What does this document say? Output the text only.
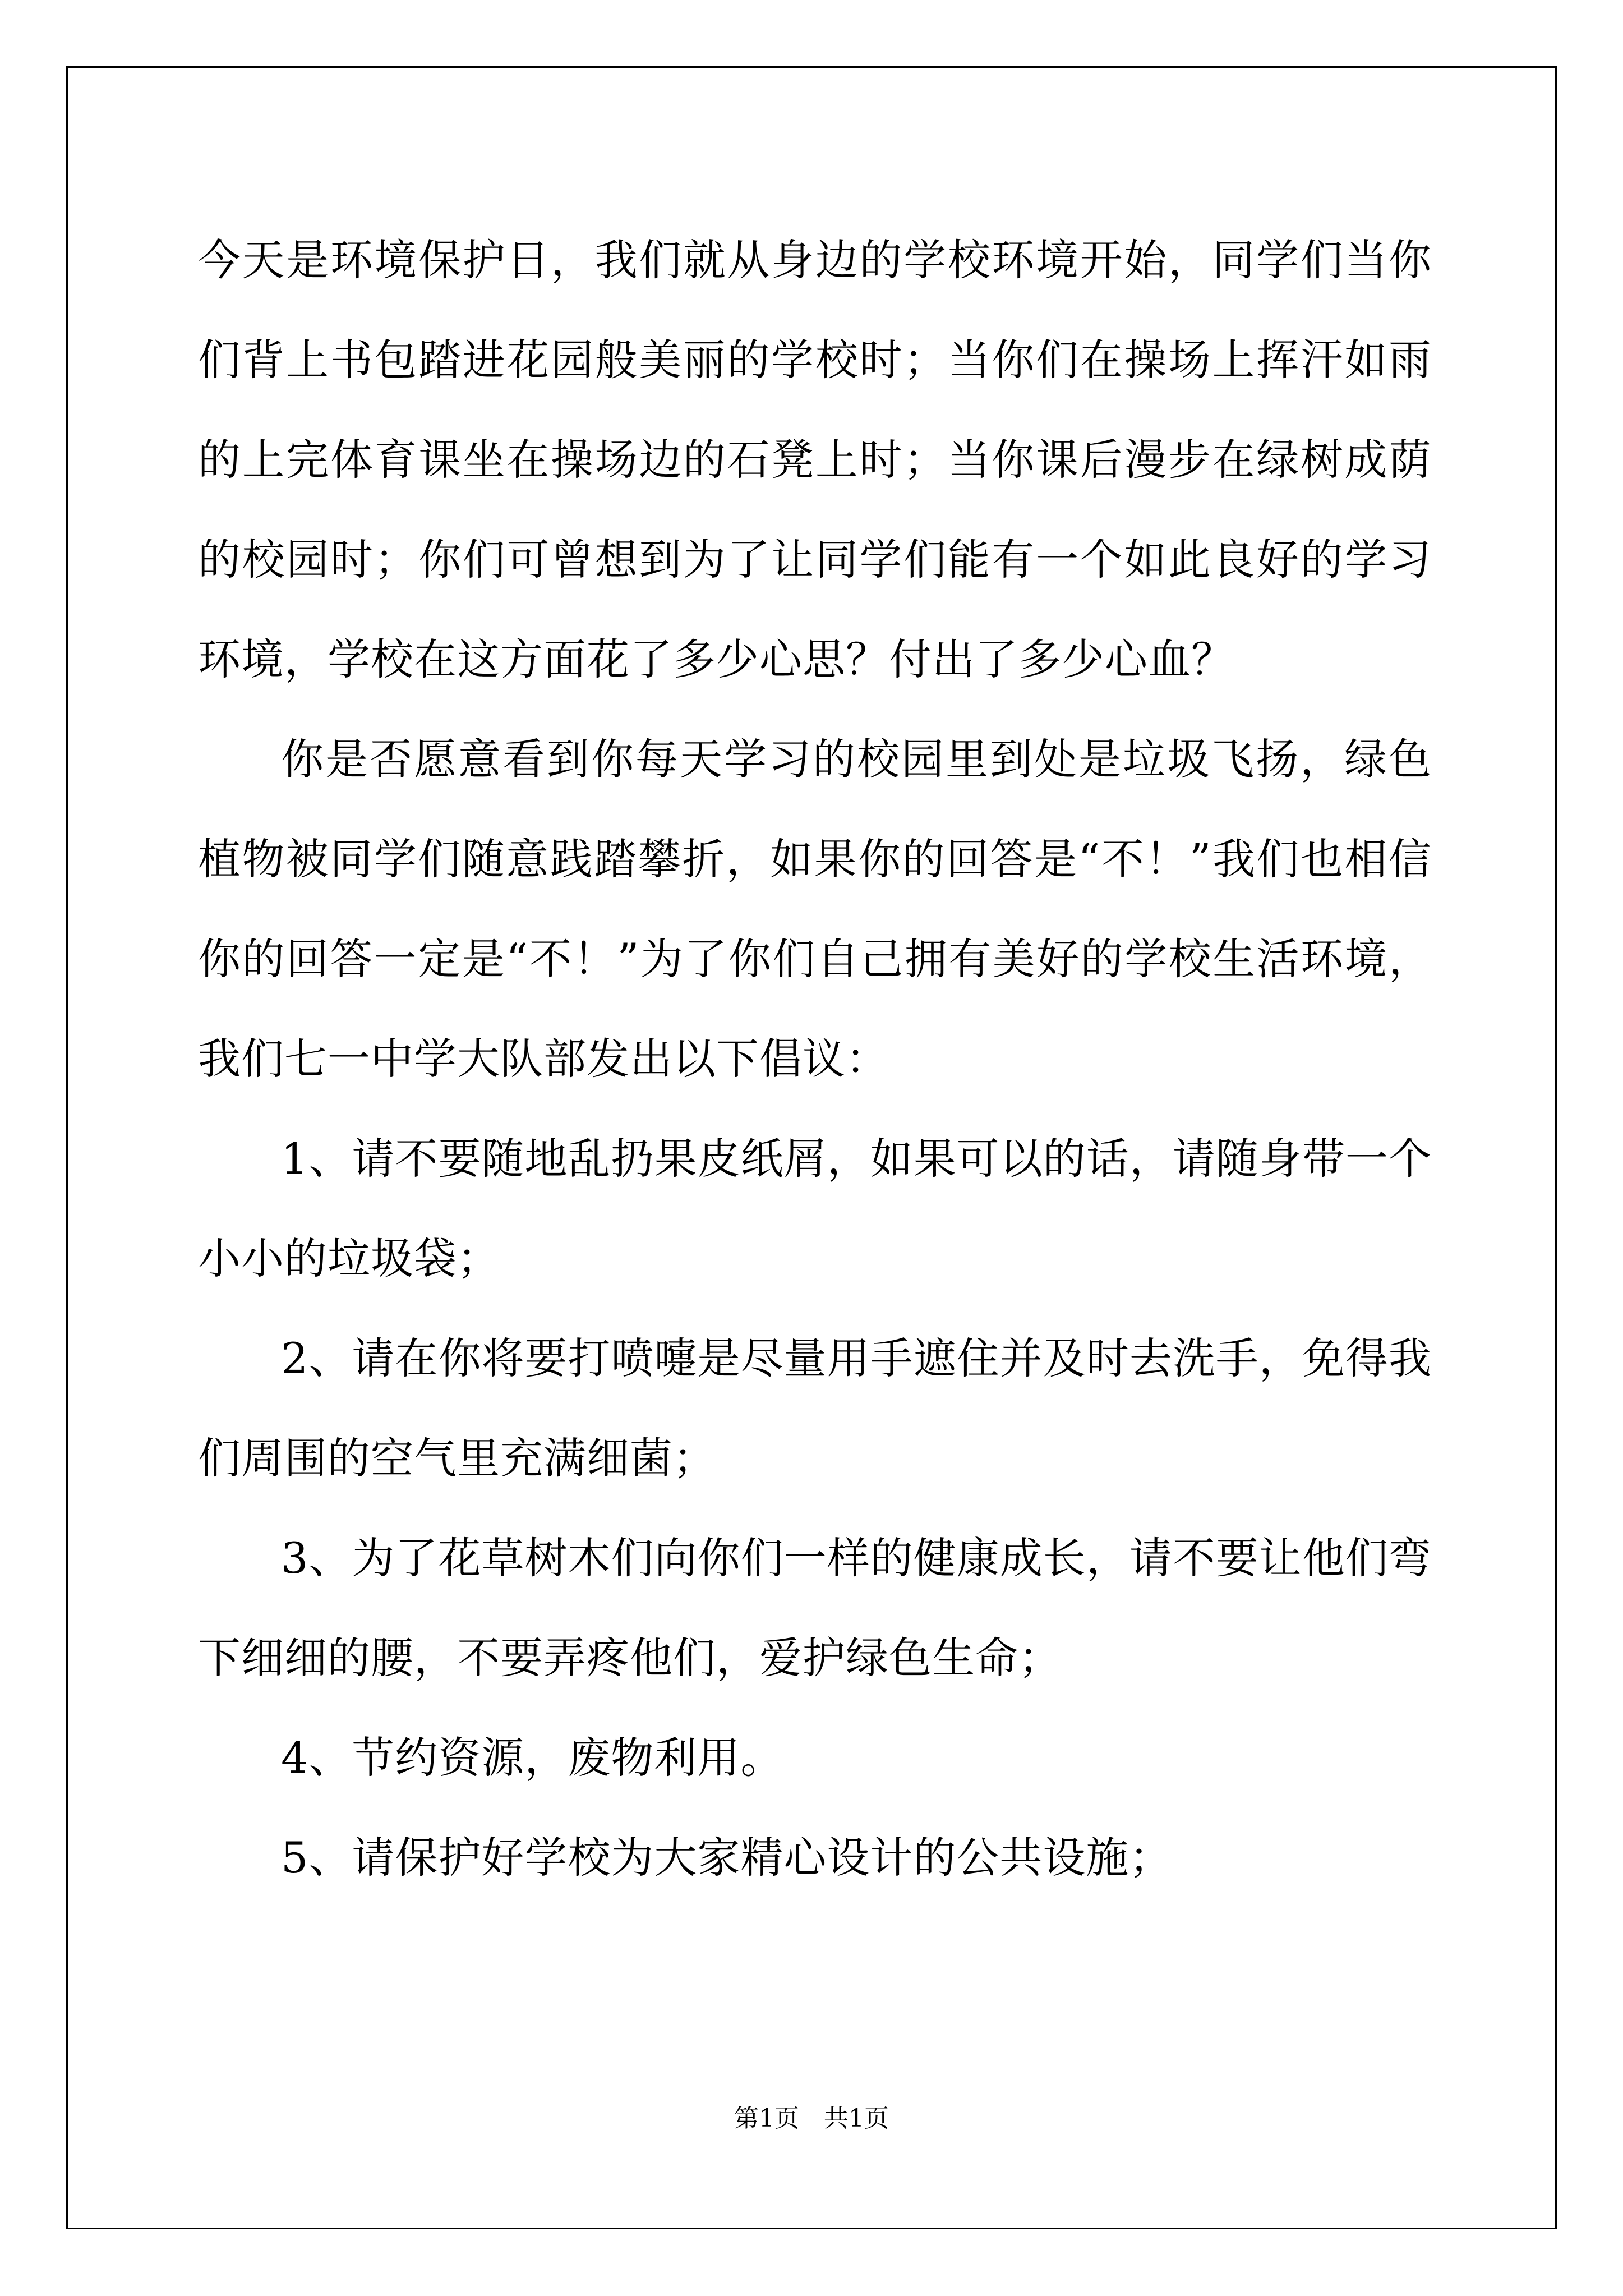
今天是环境保护日，我们就从身边的学校环境开始，同学们当你们背上书包踏进花园般美丽的学校时；当你们在操场上挥汗如雨的上完体育课坐在操场边的石凳上时；当你课后漫步在绿树成荫的校园时；你们可曾想到为了让同学们能有一个如此良好的学习环境，学校在这方面花了多少心思？付出了多少心血？

你是否愿意看到你每天学习的校园里到处是垃圾飞扬，绿色植物被同学们随意践踏攀折，如果你的回答是“不！”我们也相信你的回答一定是“不！”为了你们自己拥有美好的学校生活环境，我们七一中学大队部发出以下倡议：

1、请不要随地乱扔果皮纸屑，如果可以的话，请随身带一个小小的垃圾袋；

2、请在你将要打喷嚏是尽量用手遮住并及时去洗手，免得我们周围的空气里充满细菌；

3、为了花草树木们向你们一样的健康成长，请不要让他们弯下细细的腰，不要弄疼他们，爱护绿色生命；

4、节约资源，废物利用。

5、请保护好学校为大家精心设计的公共设施；

第1页　共1页
